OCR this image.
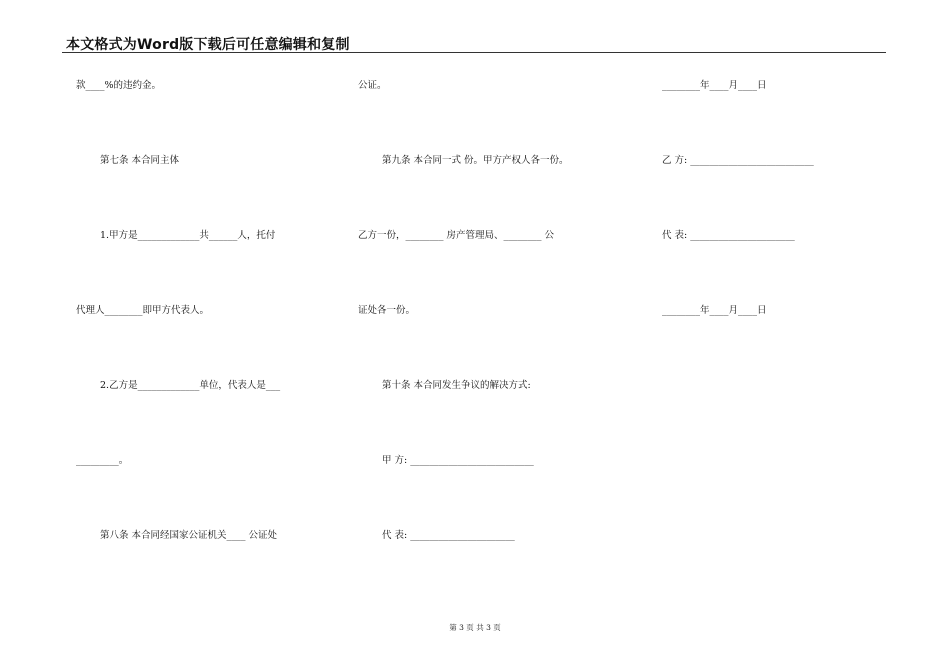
本文格式为Word版下载后可任意编辑和复制
款____%的违约金。
第七条 本合同主体
1.甲方是_____________共______人，托付
代理人________即甲方代表人。
2.乙方是_____________单位，代表人是___
_________。
第八条 本合同经国家公证机关____ 公证处
公证。
第九条 本合同一式 份。甲方产权人各一份。
乙方一份，________ 房产管理局、________ 公
证处各一份。
第十条 本合同发生争议的解决方式:
甲 方: __________________________
代 表: ______________________
________年____月____日
乙 方: __________________________
代 表: ______________________
________年____月____日
第 3 页 共 3 页
